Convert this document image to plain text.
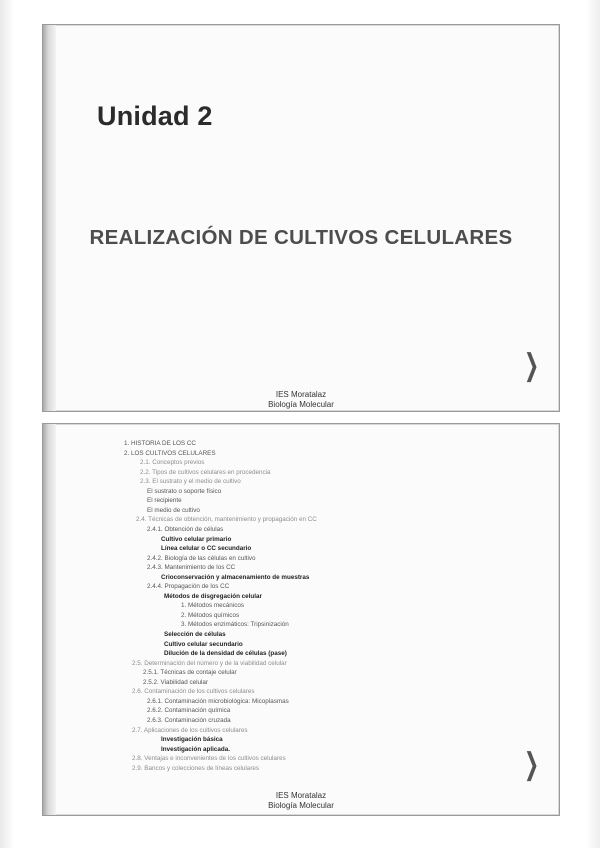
Unidad 2
REALIZACIÓN DE CULTIVOS CELULARES
❯
IES Moratalaz
Biología Molecular
1. HISTORIA DE LOS CC
2. LOS CULTIVOS CELULARES
2.1. Conceptos previos
2.2. Tipos de cultivos celulares en procedencia
2.3. El sustrato y el medio de cultivo
El sustrato o soporte físico
El recipiente
El medio de cultivo
2.4. Técnicas de obtención, mantenimiento y propagación en CC
2.4.1. Obtención de células
Cultivo celular primario
Línea celular o CC secundario
2.4.2. Biología de las células en cultivo
2.4.3. Mantenimiento de los CC
Crioconservación y almacenamiento de muestras
2.4.4. Propagación de los CC
Métodos de disgregación celular
1. Métodos mecánicos
2. Métodos químicos
3. Métodos enzimáticos: Tripsinización
Selección de células
Cultivo celular secundario
Dilución de la densidad de células (pase)
2.5. Determinación del número y de la viabilidad celular
2.5.1. Técnicas de contaje celular
2.5.2. Viabilidad celular
2.6. Contaminación de los cultivos celulares
2.6.1. Contaminación microbiológica: Micoplasmas
2.6.2. Contaminación química
2.6.3. Contaminación cruzada
2.7. Aplicaciones de los cultivos celulares
Investigación básica
Investigación aplicada.
2.8. Ventajas e inconvenientes de los cultivos celulares
2.9. Bancos y colecciones de líneas celulares	❯
IES Moratalaz
Biología Molecular
